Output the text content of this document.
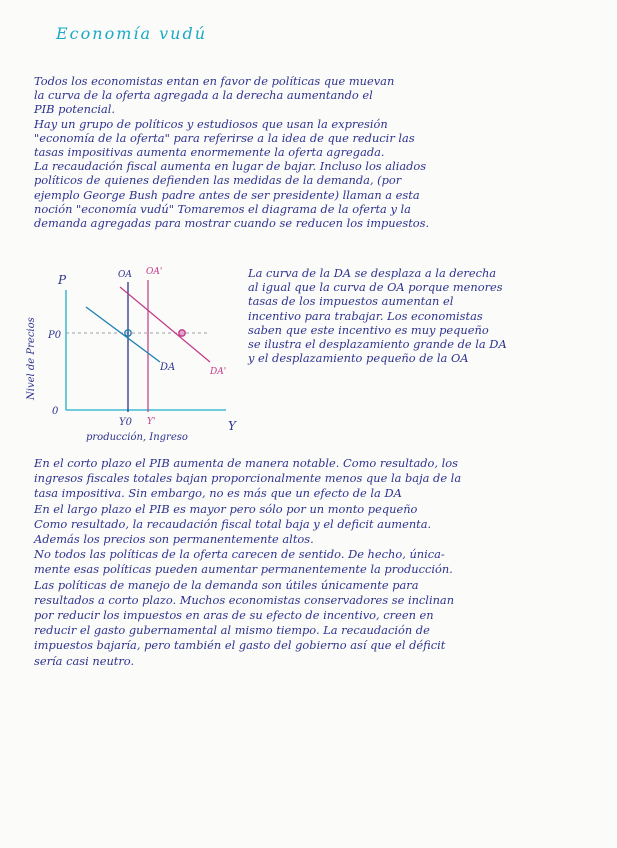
Economía vudú
Todos los economistas entan en favor de políticas que muevan
la curva de la oferta agregada a la derecha aumentando el
PIB potencial.
Hay un grupo de políticos y estudiosos que usan la expresión
"economía de la oferta" para referirse a la idea de que reducir las
tasas impositivas aumenta enormemente la oferta agregada.
La recaudación fiscal aumenta en lugar de bajar. Incluso los aliados
políticos de quienes defienden las medidas de la demanda, (por
ejemplo George Bush padre antes de ser presidente) llaman a esta
noción "economía vudú" Tomaremos el diagrama de la oferta y la
demanda agregadas para mostrar cuando se reducen los impuestos.
P
Y
0
P0
Nivel de Precios
producción, Ingreso
Y0 Y'
OA OA'
DA	DA'
La curva de la DA se desplaza a la derecha
al igual que la curva de OA porque menores
tasas de los impuestos aumentan el
incentivo para trabajar. Los economistas
saben que este incentivo es muy pequeño
se ilustra el desplazamiento grande de la DA
y el desplazamiento pequeño de la OA
En el corto plazo el PIB aumenta de manera notable. Como resultado, los
ingresos fiscales totales bajan proporcionalmente menos que la baja de la
tasa impositiva. Sin embargo, no es más que un efecto de la DA
En el largo plazo el PIB es mayor pero sólo por un monto pequeño
Como resultado, la recaudación fiscal total baja y el deficit aumenta.
Además los precios son permanentemente altos.
No todos las políticas de la oferta carecen de sentido. De hecho, única-
mente esas políticas pueden aumentar permanentemente la producción.
Las políticas de manejo de la demanda son útiles únicamente para
resultados a corto plazo. Muchos economistas conservadores se inclinan
por reducir los impuestos en aras de su efecto de incentivo, creen en
reducir el gasto gubernamental al mismo tiempo. La recaudación de
impuestos bajaría, pero también el gasto del gobierno así que el déficit
sería casi neutro.
